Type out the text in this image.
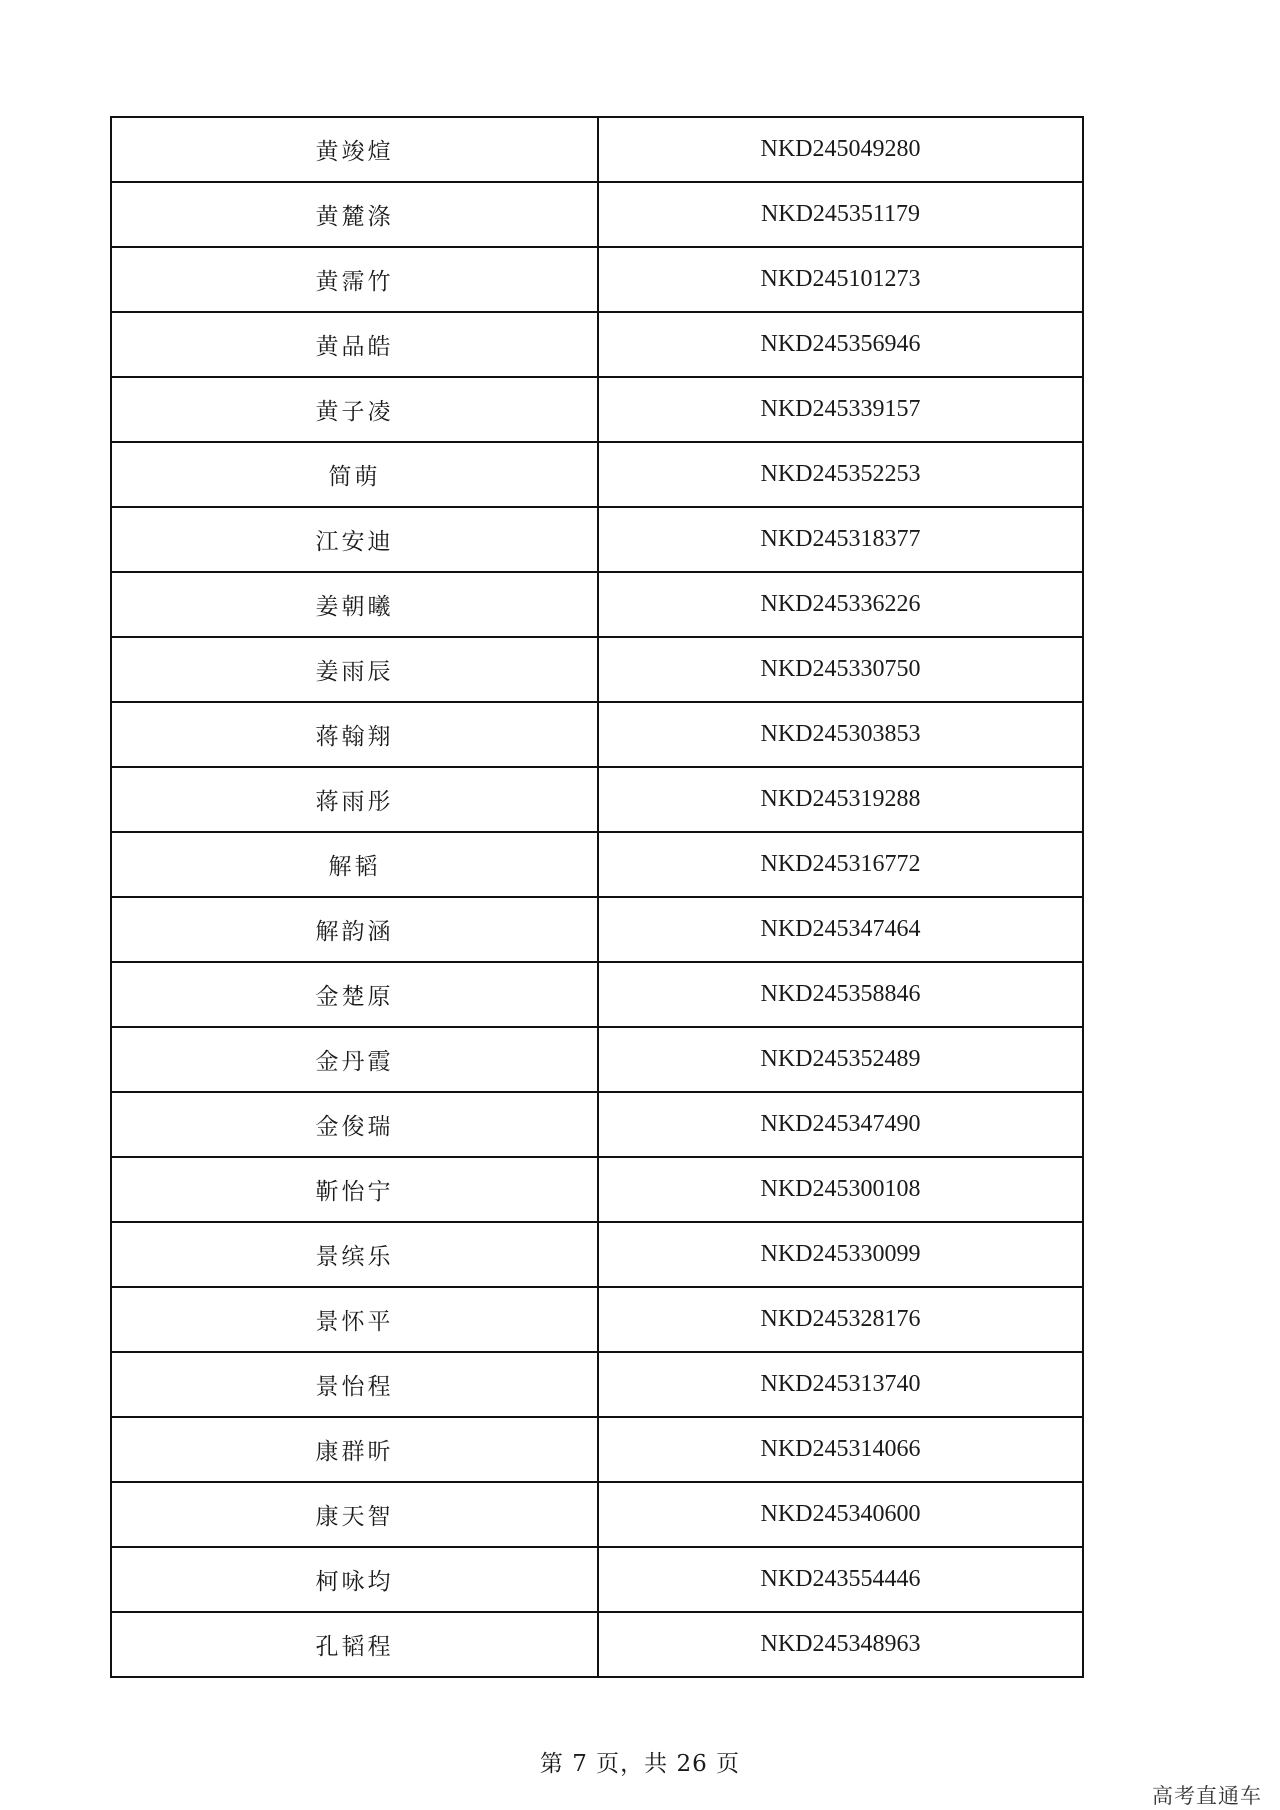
黄竣煊	NKD245049280
黄麓涤	NKD245351179
黄霈竹	NKD245101273
黄品皓	NKD245356946
黄子凌	NKD245339157
简萌	NKD245352253
江安迪	NKD245318377
姜朝曦	NKD245336226
姜雨辰	NKD245330750
蒋翰翔	NKD245303853
蒋雨彤	NKD245319288
解韬	NKD245316772
解韵涵	NKD245347464
金楚原	NKD245358846
金丹霞	NKD245352489
金俊瑞	NKD245347490
靳怡宁	NKD245300108
景缤乐	NKD245330099
景怀平	NKD245328176
景怡程	NKD245313740
康群昕	NKD245314066
康天智	NKD245340600
柯咏均	NKD243554446
孔韬程	NKD245348963
第 7 页，共 26 页
高考直通车
